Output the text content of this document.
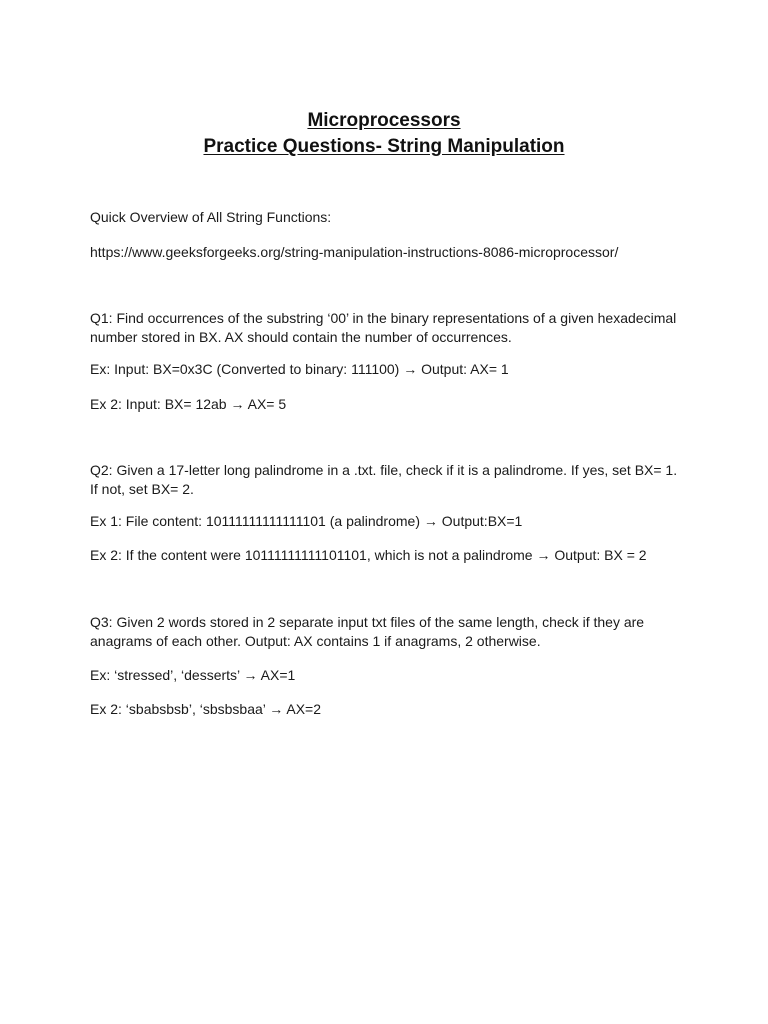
Microprocessors
Practice Questions- String Manipulation

Quick Overview of All String Functions:

https://www.geeksforgeeks.org/string-manipulation-instructions-8086-microprocessor/

Q1: Find occurrences of the substring ‘00’ in the binary representations of a given hexadecimal number stored in BX. AX should contain the number of occurrences.

Ex: Input: BX=0x3C (Converted to binary: 111100) → Output: AX= 1

Ex 2: Input: BX= 12ab → AX= 5

Q2: Given a 17-letter long palindrome in a .txt. file, check if it is a palindrome. If yes, set BX= 1. If not, set BX= 2.

Ex 1: File content: 10111111111111101 (a palindrome) → Output:BX=1

Ex 2: If the content were 10111111111101101, which is not a palindrome → Output: BX = 2

Q3: Given 2 words stored in 2 separate input txt files of the same length, check if they are anagrams of each other. Output: AX contains 1 if anagrams, 2 otherwise.

Ex: ‘stressed’, ‘desserts’ → AX=1

Ex 2: ‘sbabsbsb’, ‘sbsbsbaa’ → AX=2
